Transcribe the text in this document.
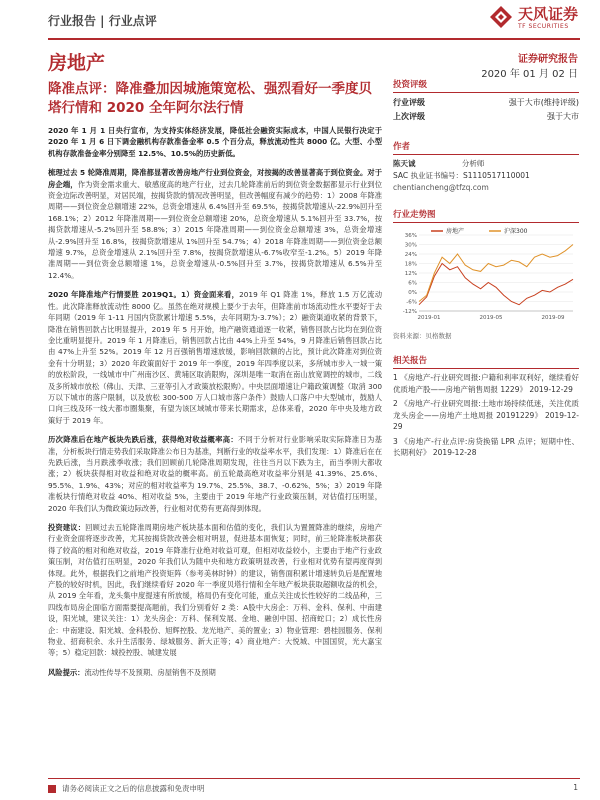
行业报告 | 行业点评	天风证券
TF SECURITIES
房地产	证券研究报告
2020 年 01 月 02 日
降准点评：降准叠加因城施策宽松、强烈看好一季度贝塔行情和 2020 全年阿尔法行情

2020 年 1 月 1 日央行宣布，为支持实体经济发展，降低社会融资实际成本，中国人民银行决定于 2020 年 1 月 6 日下调金融机构存款准备金率 0.5 个百分点，释放流动性共 8000 亿。大型、小型机构存款准备金率分别降至 12.5%、10.5%的历史新低。

梳理过去 5 轮降准周期，降准都显著改善房地产行业到位资金，对按揭的改善显著高于到位资金。对于房企端，作为资金需求重大、敏感度高的地产行业，过去几轮降准前后的到位资金数据都显示行业到位资金边际改善明显，对居民端，按揭贷款的情况改善明显，但改善幅度有减少的趋势：1）2008 年降准周期——到位资金总额增速 22%，总资金增速从 6.4%回升至 69.5%，按揭贷款增速从-22.9%回升至 168.1%；2）2012 年降准周期——到位资金总额增速 20%，总资金增速从 5.1%回升至 33.7%，按揭贷款增速从-5.2%回升至 58.8%；3）2015 年降准周期——到位资金总额增速 3%，总资金增速从-2.9%回升至 16.8%，按揭贷款增速从 1%回升至 54.7%；4）2018 年降准周期——到位资金总额增速 9.7%，总资金增速从 2.1%回升至 7.8%，按揭贷款增速从-6.7%收窄至-1.2%。5）2019 年降准周期——到位资金总额增速 1%，总资金增速从-0.5%回升至 3.7%，按揭贷款增速从 6.5%升至 12.4%。

2020 年降准地产行情要胜 2019Q1。1）资金面来看，2019 年 Q1 降准 1%，释放 1.5 万亿流动性。此次降准释放流动性 8000 亿。虽然在绝对规模上要少于去年，但降准前市场流动性水平要好于去年同期（2019 年 1-11 月国内贷款累计增速 5.5%，去年同期为-3.7%）；2）融资渠道收紧的背景下，降准在销售回款占比明显提升，2019 年 5 月开始，地产融资通道逐一收紧，销售回款占比均在到位资金比重明显提升。2019 年 1 月降准后，销售回款占比由 44%上升至 54%，9 月降准后销售回款占比由 47%上升至 52%。2019 年 12 月百强销售增速放缓，影响回款额的占比，预计此次降准对到位资金有十分明显；3）2020 年政策面好于 2019 年一季度，2019 年四季度以来，多所城市步入一城一策的放松阶段，一线城市中广州南沙区、黄埔区取消限购，深圳是唯一取消在南山放宽调控的城市，二线及多所城市放松（佛山、天津、三亚等引入才政策放松限购）。中央层面增速让户籍政策调整（取消 300 万以下城市的落户限制，以及放松 300-500 万人口城市落户条件）鼓励人口落户中大型城市，鼓励人口向三线及环一线大都市圈集聚，有望为该区域城市带来长期需求，总体来看，2020 年中央及地方政策好于 2019 年。

历次降准后在地产板块先跌后涨，获得绝对收益概率高：不同于分析对行业影响采取实际降准日为基准，分析板块行情走势我们采取降准公布日为基准，判断行业的收益率水平，我们发现：1）降准后在在先跌后涨，当月跌涨季收涨；我们回顾前几轮降准周期发现，往往当月以下跌为主，而当季则大都收涨；2）板块获得相对收益和绝对收益的概率高。前五轮最高绝对收益率分别是 41.39%、25.6%、95.5%、1.9%、43%；对应的相对收益率为 19.7%、25.5%、38.7、-0.62%、5%；3）2019 年降准板块行情绝对收益 40%、相对收益 5%，主要由于 2019 年地产行业政策压制，对估值打压明显，2020 年我们认为微政策边际改善，行业相对优势有更高得到体现。

投资建议：回顾过去五轮降准周期房地产板块基本面和估值的变化，我们认为置置降准的继续，房地产行业资金面将逐步改善，尤其按揭贷款改善会相对明显，促进基本面恢复；同时，前三轮降准板块都获得了较高的相对和绝对收益，2019 年降准行业绝对收益可观，但相对收益较小，主要由于地产行业政策压制，对估值打压明显，2020 年我们认为随中央和地方政策明显改善，行业相对优势有望再度得到体现。此外，根据我们之前地产投资矩阵（参考美林时钟）的建议，销售面积累计增速转负后是配置地产股的较好时机，因此，我们继续看好 2020 年一季度贝塔行情和全年地产板块获取超额收益的机会，从 2019 全年看，龙头集中度提速有所放缓，格局仍有变化可能，重点关注成长性较好的二线品种，三四线布局房企面临方面需要提高题前，我们分别看好 2 类：A股中大房企：万科、金科、保利、中南建设，阳光城，建议关注：1）龙头房企：万科、保利发展、金地、融创中国、招商蛇口；2）成长性房企：中南建设、阳光城、金科股份、旭辉控股、龙光地产、美的置业；3）物业管理：碧桂园服务、保利物业、招商积余、永升生活服务、绿城服务、新大正等；4）商业地产：大悦城、中国国贸，光大嘉宝等；5）稳定回款：城投控股、城建发展

风险提示：流动性传导不及预期、房屋销售不及预期

投资评级
行业评级	强于大市(维持评级)
上次评级	强于大市
作者
陈天诚	分析师
SAC 执业证书编号：S1110517110001
chentiancheng@tfzq.com
行业走势图
36%
30%
24%
18%
12%
6%
0%
-6%
-12%
2019-01	2019-05	2019-09
房地产	沪深300
资料来源：贝格数据
相关报告
1 《房地产-行业研究周报:户籍和利率双利好，继续看好优质地产股——房地产销售周报 1229》 2019-12-29
2 《房地产-行业研究周报:土地市场持续低迷，关注优质龙头房企——房地产土地周报 20191229》 2019-12-29
3 《房地产-行业点评:房贷换锚 LPR 点评；短期中性、长期利好》 2019-12-28
请务必阅读正文之后的信息披露和免责申明	1
